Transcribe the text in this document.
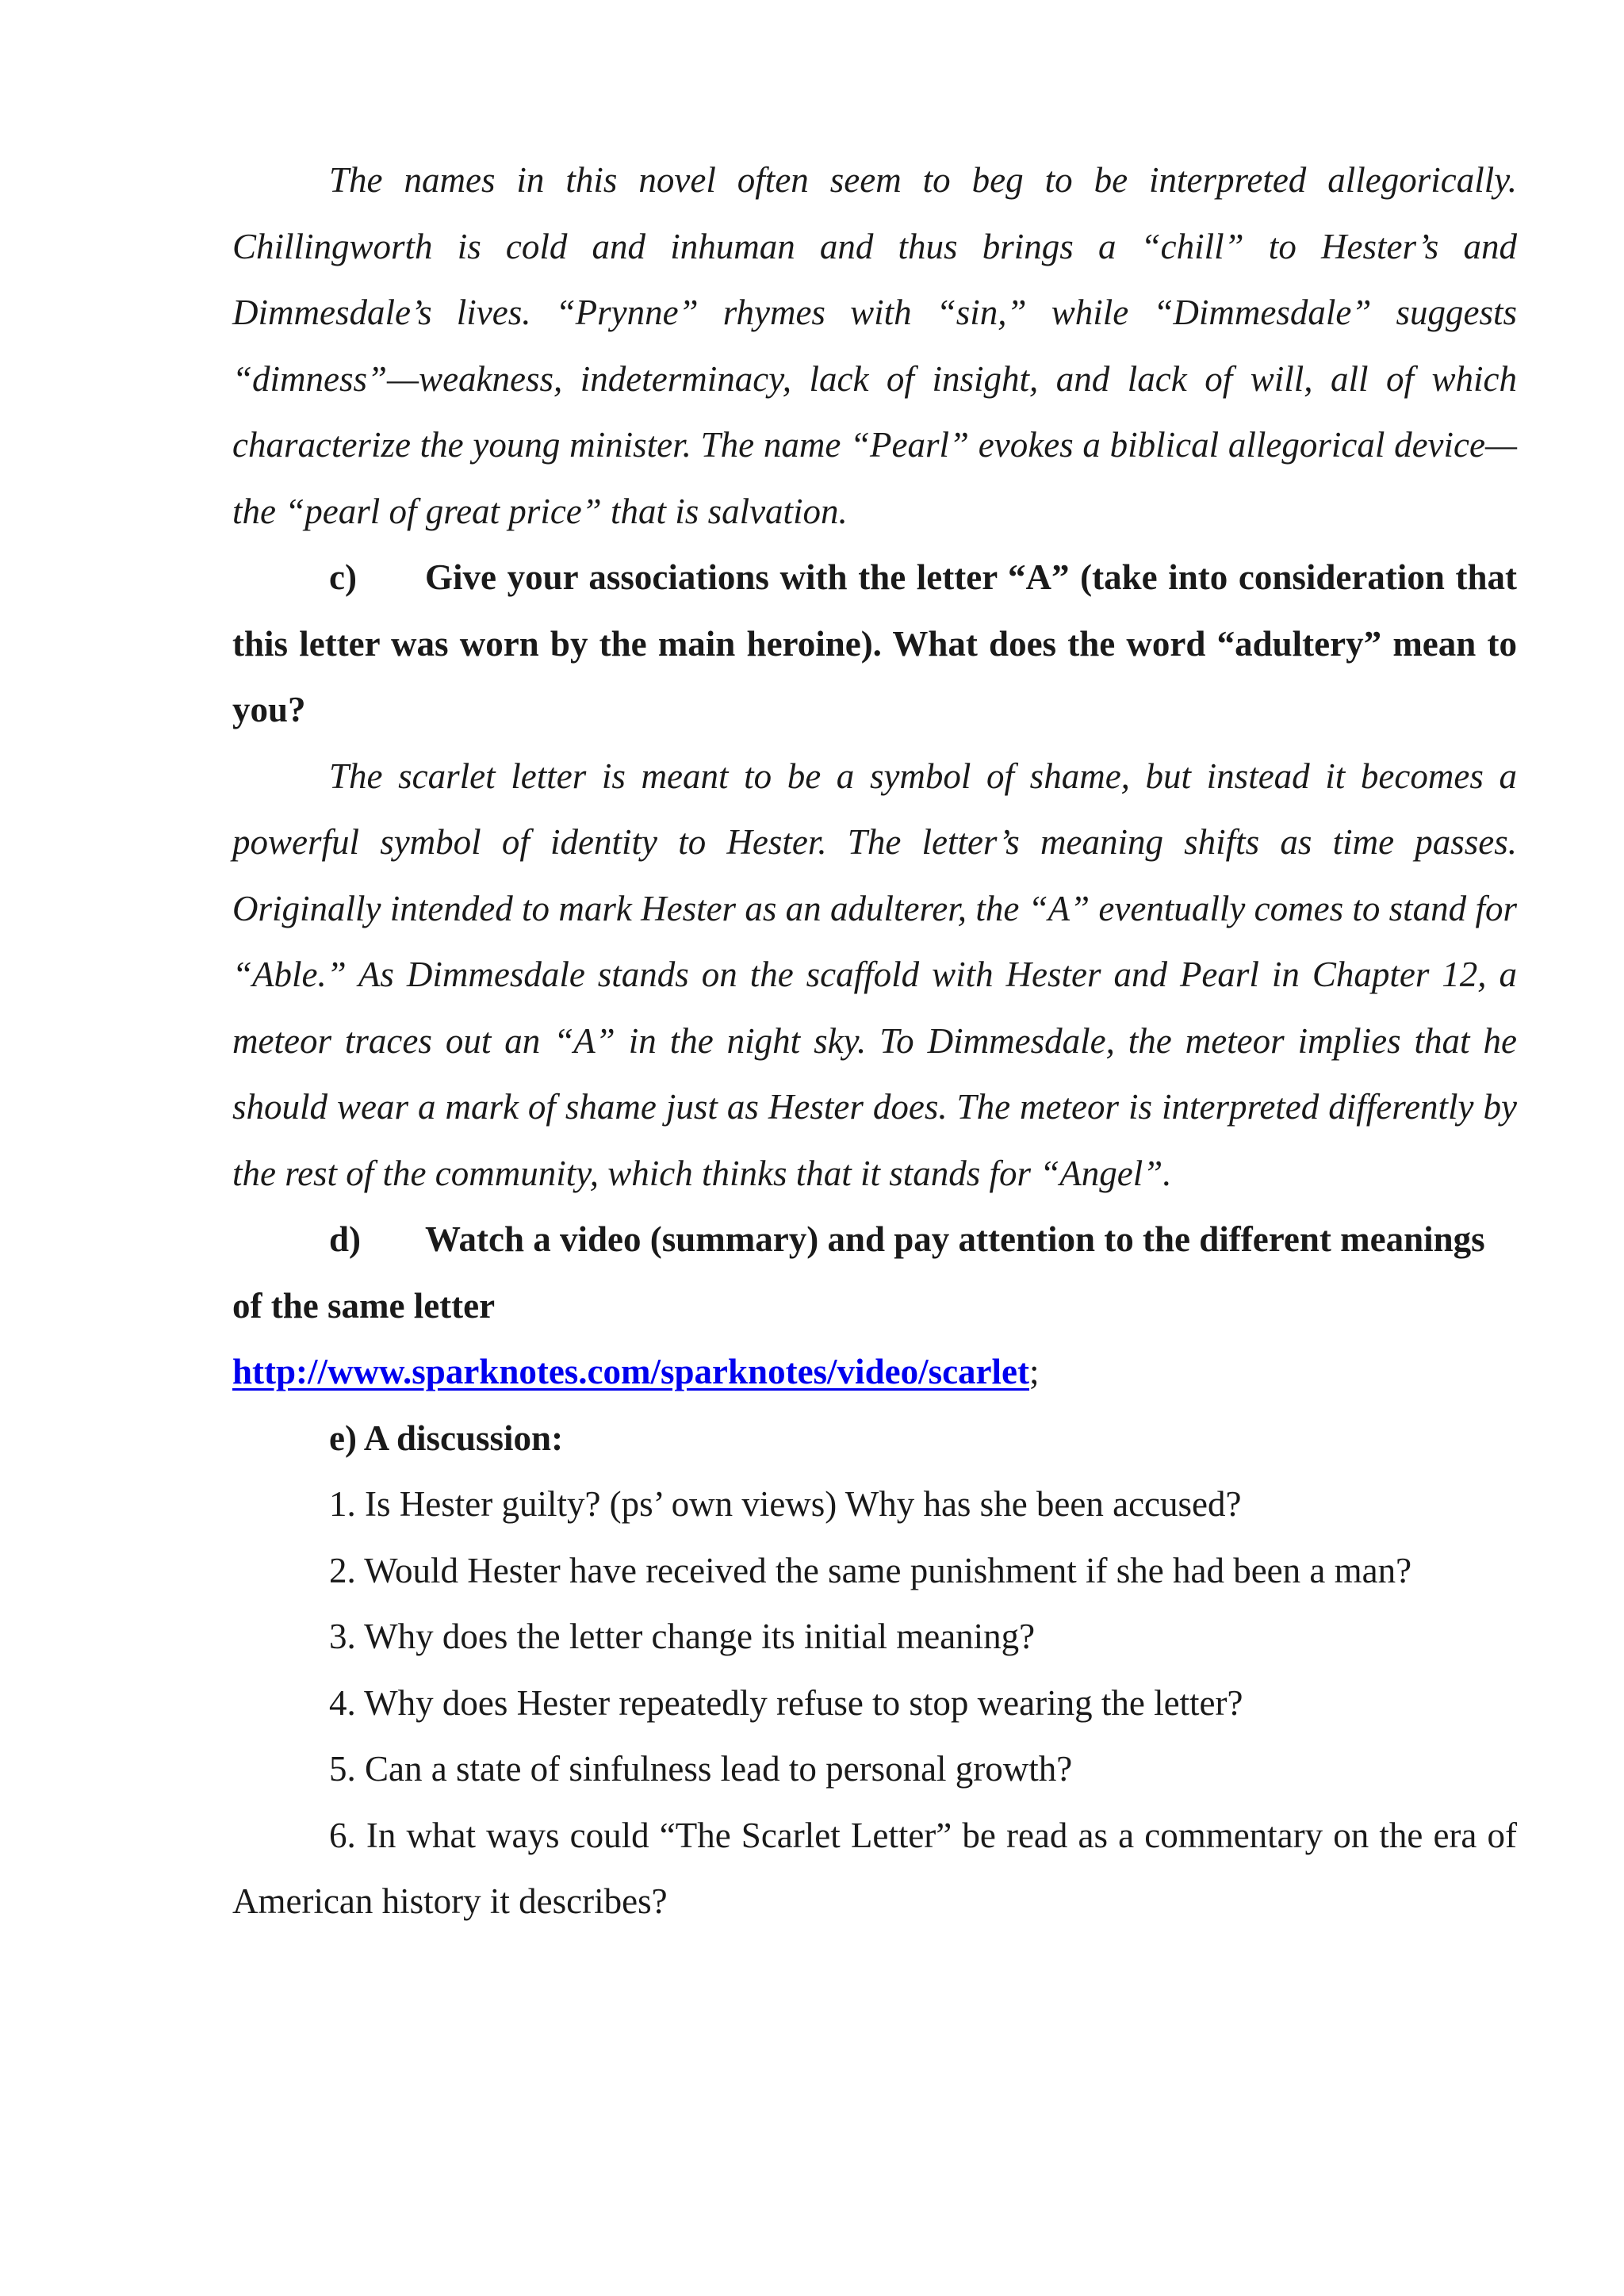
The names in this novel often seem to beg to be interpreted allegorically. Chillingworth is cold and inhuman and thus brings a “chill” to Hester’s and Dimmesdale’s lives. “Prynne” rhymes with “sin,” while “Dimmesdale” suggests “dimness”—weakness, indeterminacy, lack of insight, and lack of will, all of which characterize the young minister. The name “Pearl” evokes a biblical allegorical device—the “pearl of great price” that is salvation.

c) Give your associations with the letter “A” (take into consideration that this letter was worn by the main heroine). What does the word “adultery” mean to you?

The scarlet letter is meant to be a symbol of shame, but instead it becomes a powerful symbol of identity to Hester. The letter’s meaning shifts as time passes. Originally intended to mark Hester as an adulterer, the “A” eventually comes to stand for “Able.” As Dimmesdale stands on the scaffold with Hester and Pearl in Chapter 12, a meteor traces out an “A” in the night sky. To Dimmesdale, the meteor implies that he should wear a mark of shame just as Hester does. The meteor is interpreted differently by the rest of the community, which thinks that it stands for “Angel”.

d) Watch a video (summary) and pay attention to the different meanings of the same letter

http://www.sparknotes.com/sparknotes/video/scarlet;

e) A discussion:

1. Is Hester guilty? (ps’ own views) Why has she been accused?

2. Would Hester have received the same punishment if she had been a man?

3. Why does the letter change its initial meaning?

4. Why does Hester repeatedly refuse to stop wearing the letter?

5. Can a state of sinfulness lead to personal growth?

6. In what ways could “The Scarlet Letter” be read as a commentary on the era of American history it describes?
